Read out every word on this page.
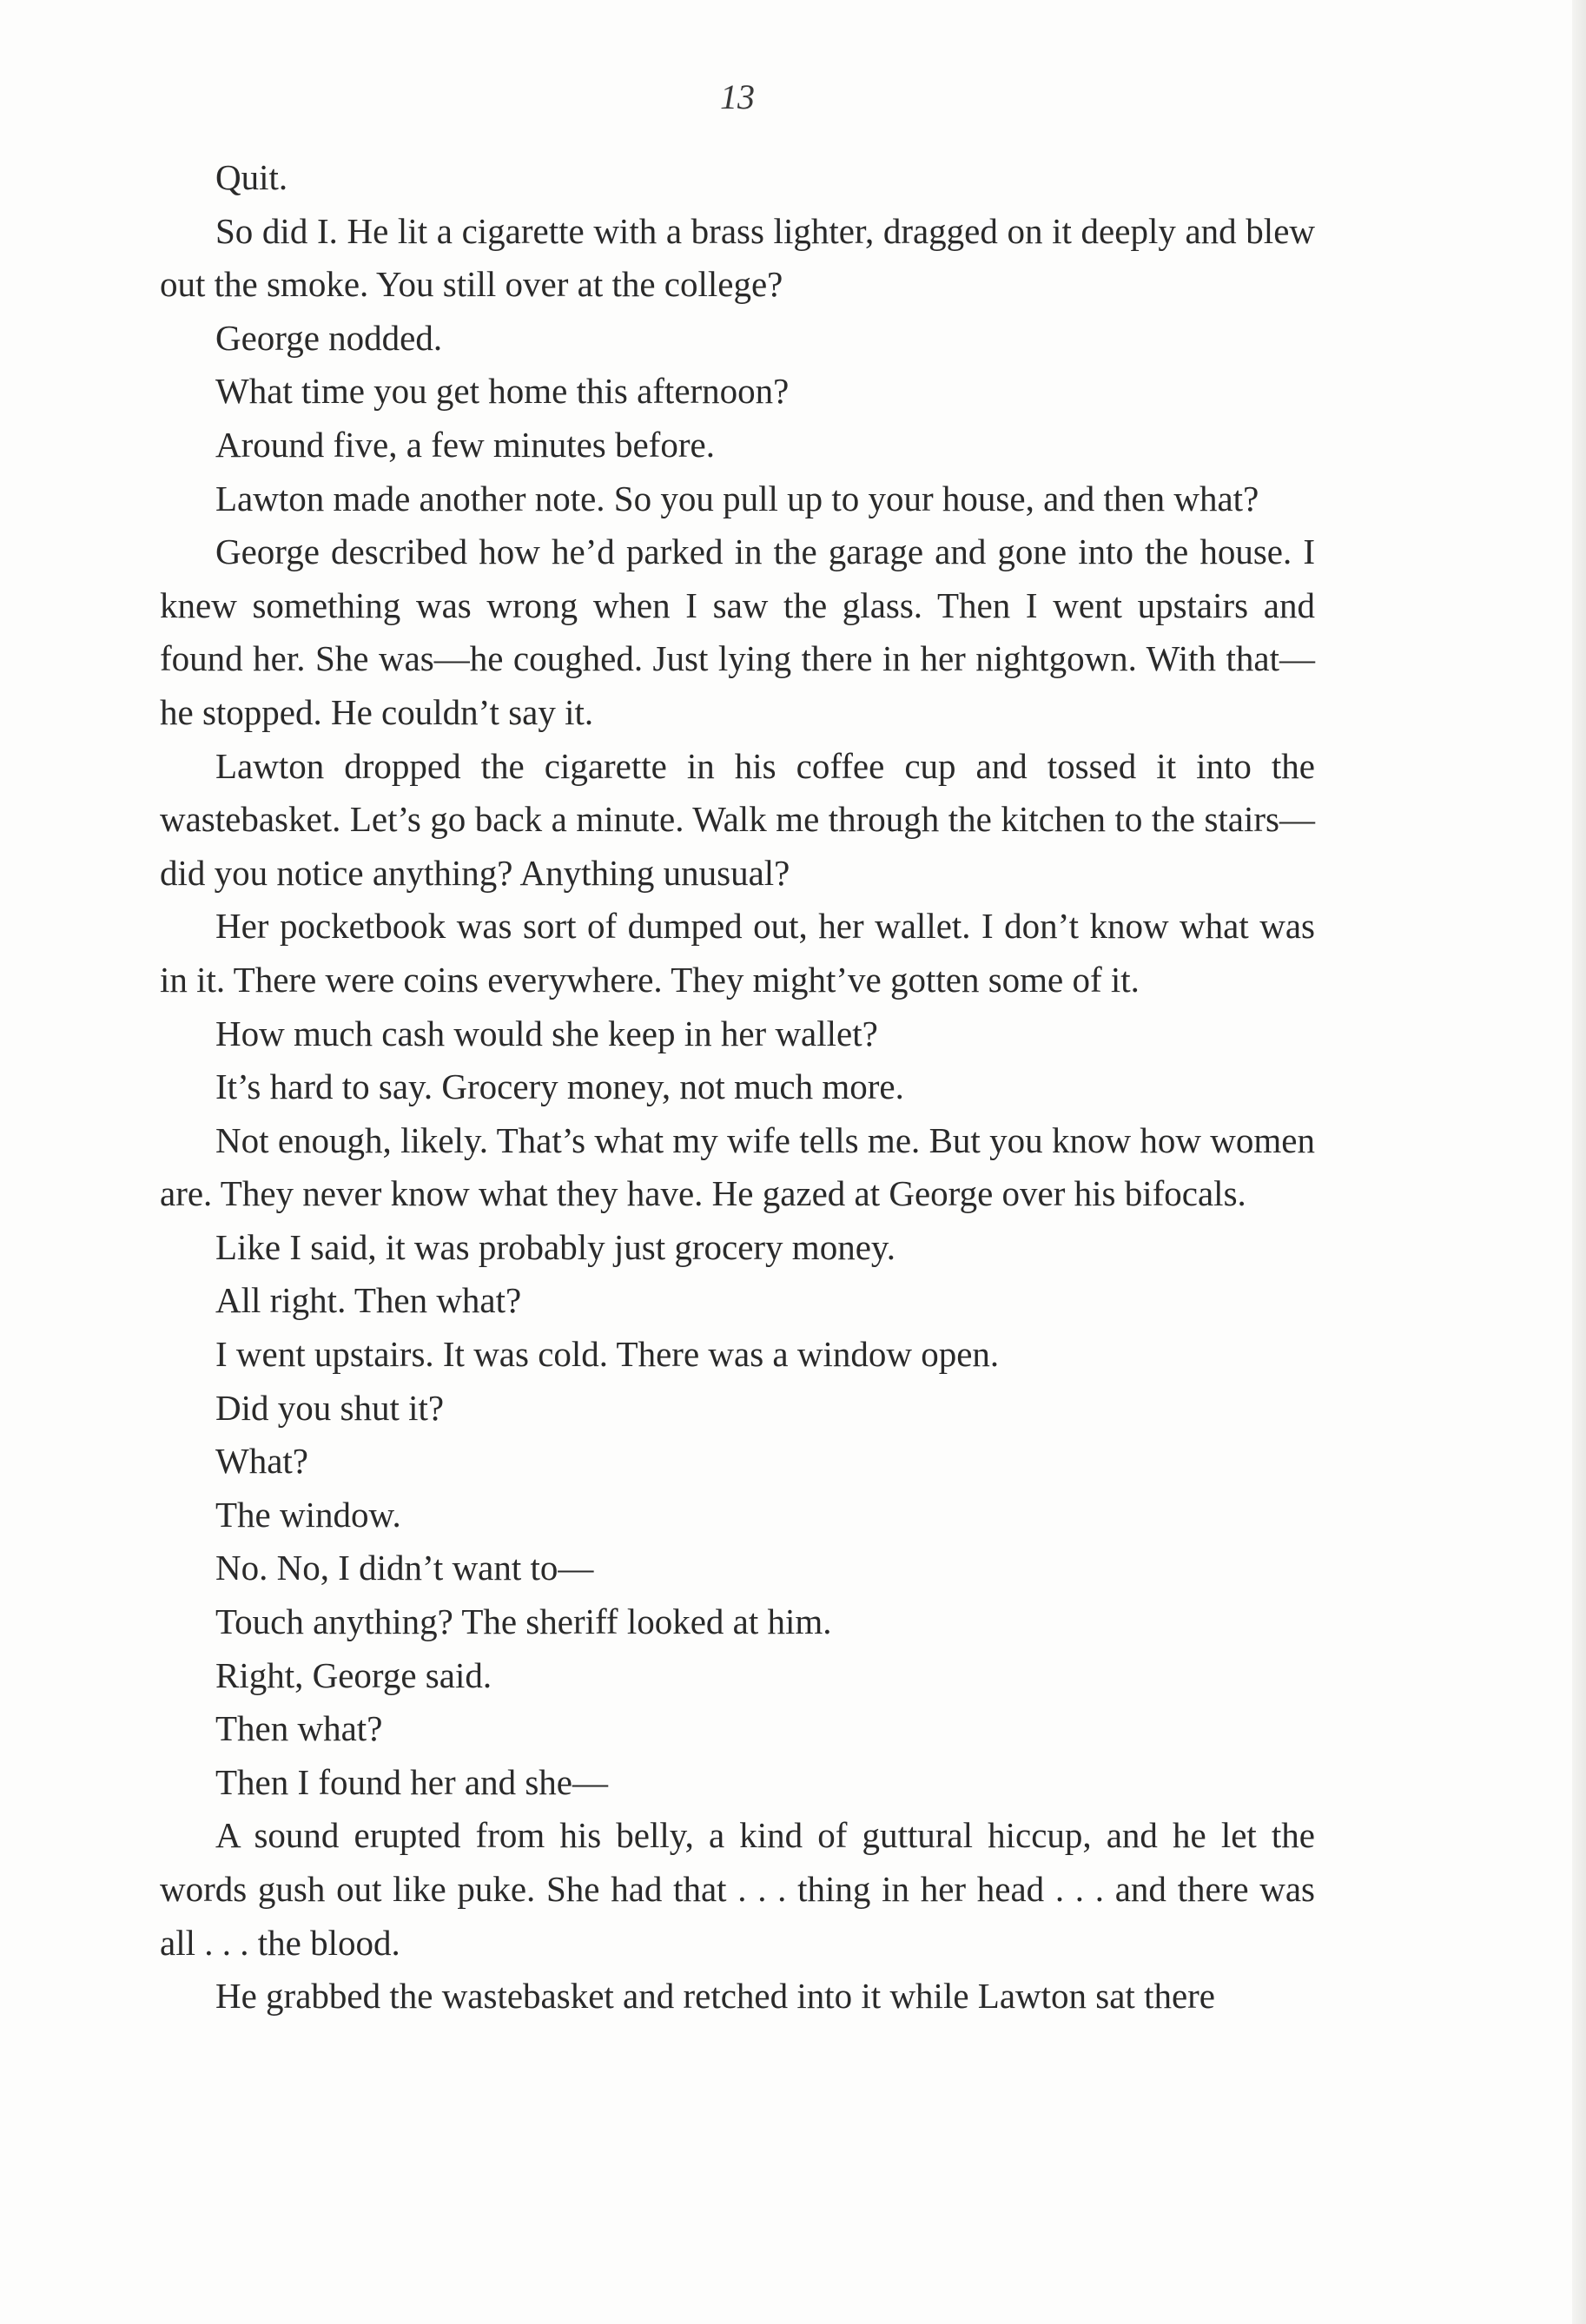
13

Quit.

So did I. He lit a cigarette with a brass lighter, dragged on it deeply and blew out the smoke. You still over at the college?

George nodded.

What time you get home this afternoon?

Around five, a few minutes before.

Lawton made another note. So you pull up to your house, and then what?

George described how he’d parked in the garage and gone into the house. I knew something was wrong when I saw the glass. Then I went upstairs and found her. She was—he coughed. Just lying there in her nightgown. With that—he stopped. He couldn’t say it.

Lawton dropped the cigarette in his coffee cup and tossed it into the wastebasket. Let’s go back a minute. Walk me through the kitchen to the stairs—did you notice anything? Anything unusual?

Her pocketbook was sort of dumped out, her wallet. I don’t know what was in it. There were coins everywhere. They might’ve gotten some of it.

How much cash would she keep in her wallet?

It’s hard to say. Grocery money, not much more.

Not enough, likely. That’s what my wife tells me. But you know how women are. They never know what they have. He gazed at George over his bifocals.

Like I said, it was probably just grocery money.

All right. Then what?

I went upstairs. It was cold. There was a window open.

Did you shut it?

What?

The window.

No. No, I didn’t want to—

Touch anything? The sheriff looked at him.

Right, George said.

Then what?

Then I found her and she—

A sound erupted from his belly, a kind of guttural hiccup, and he let the words gush out like puke. She had that . . . thing in her head . . . and there was all . . . the blood.

He grabbed the wastebasket and retched into it while Lawton sat there
